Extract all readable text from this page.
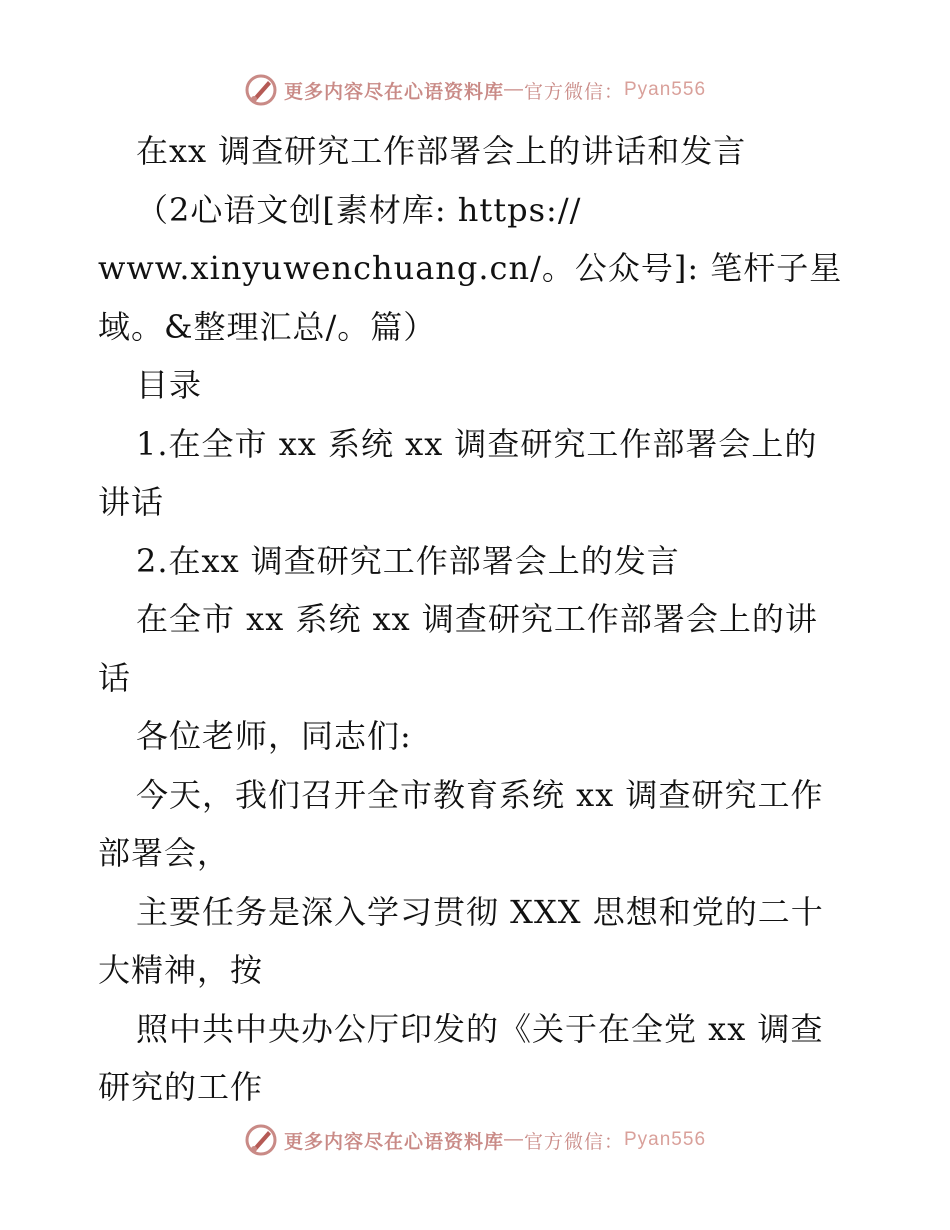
更多内容尽在心语资料库 — 官方微信： Pyan556

在xx 调查研究工作部署会上的讲话和发言

（2心语文创[素材库: https://

www.xinyuwenchuang.cn/。公众号]: 笔杆子星

域。&整理汇总/。篇）

目录

1.在全市 xx 系统 xx 调查研究工作部署会上的

讲话

2.在xx 调查研究工作部署会上的发言

在全市 xx 系统 xx 调查研究工作部署会上的讲

话

各位老师，同志们:

今天，我们召开全市教育系统 xx 调查研究工作

部署会，

主要任务是深入学习贯彻 XXX 思想和党的二十

大精神，按

照中共中央办公厅印发的《关于在全党 xx 调查

研究的工作

更多内容尽在心语资料库 — 官方微信： Pyan556
